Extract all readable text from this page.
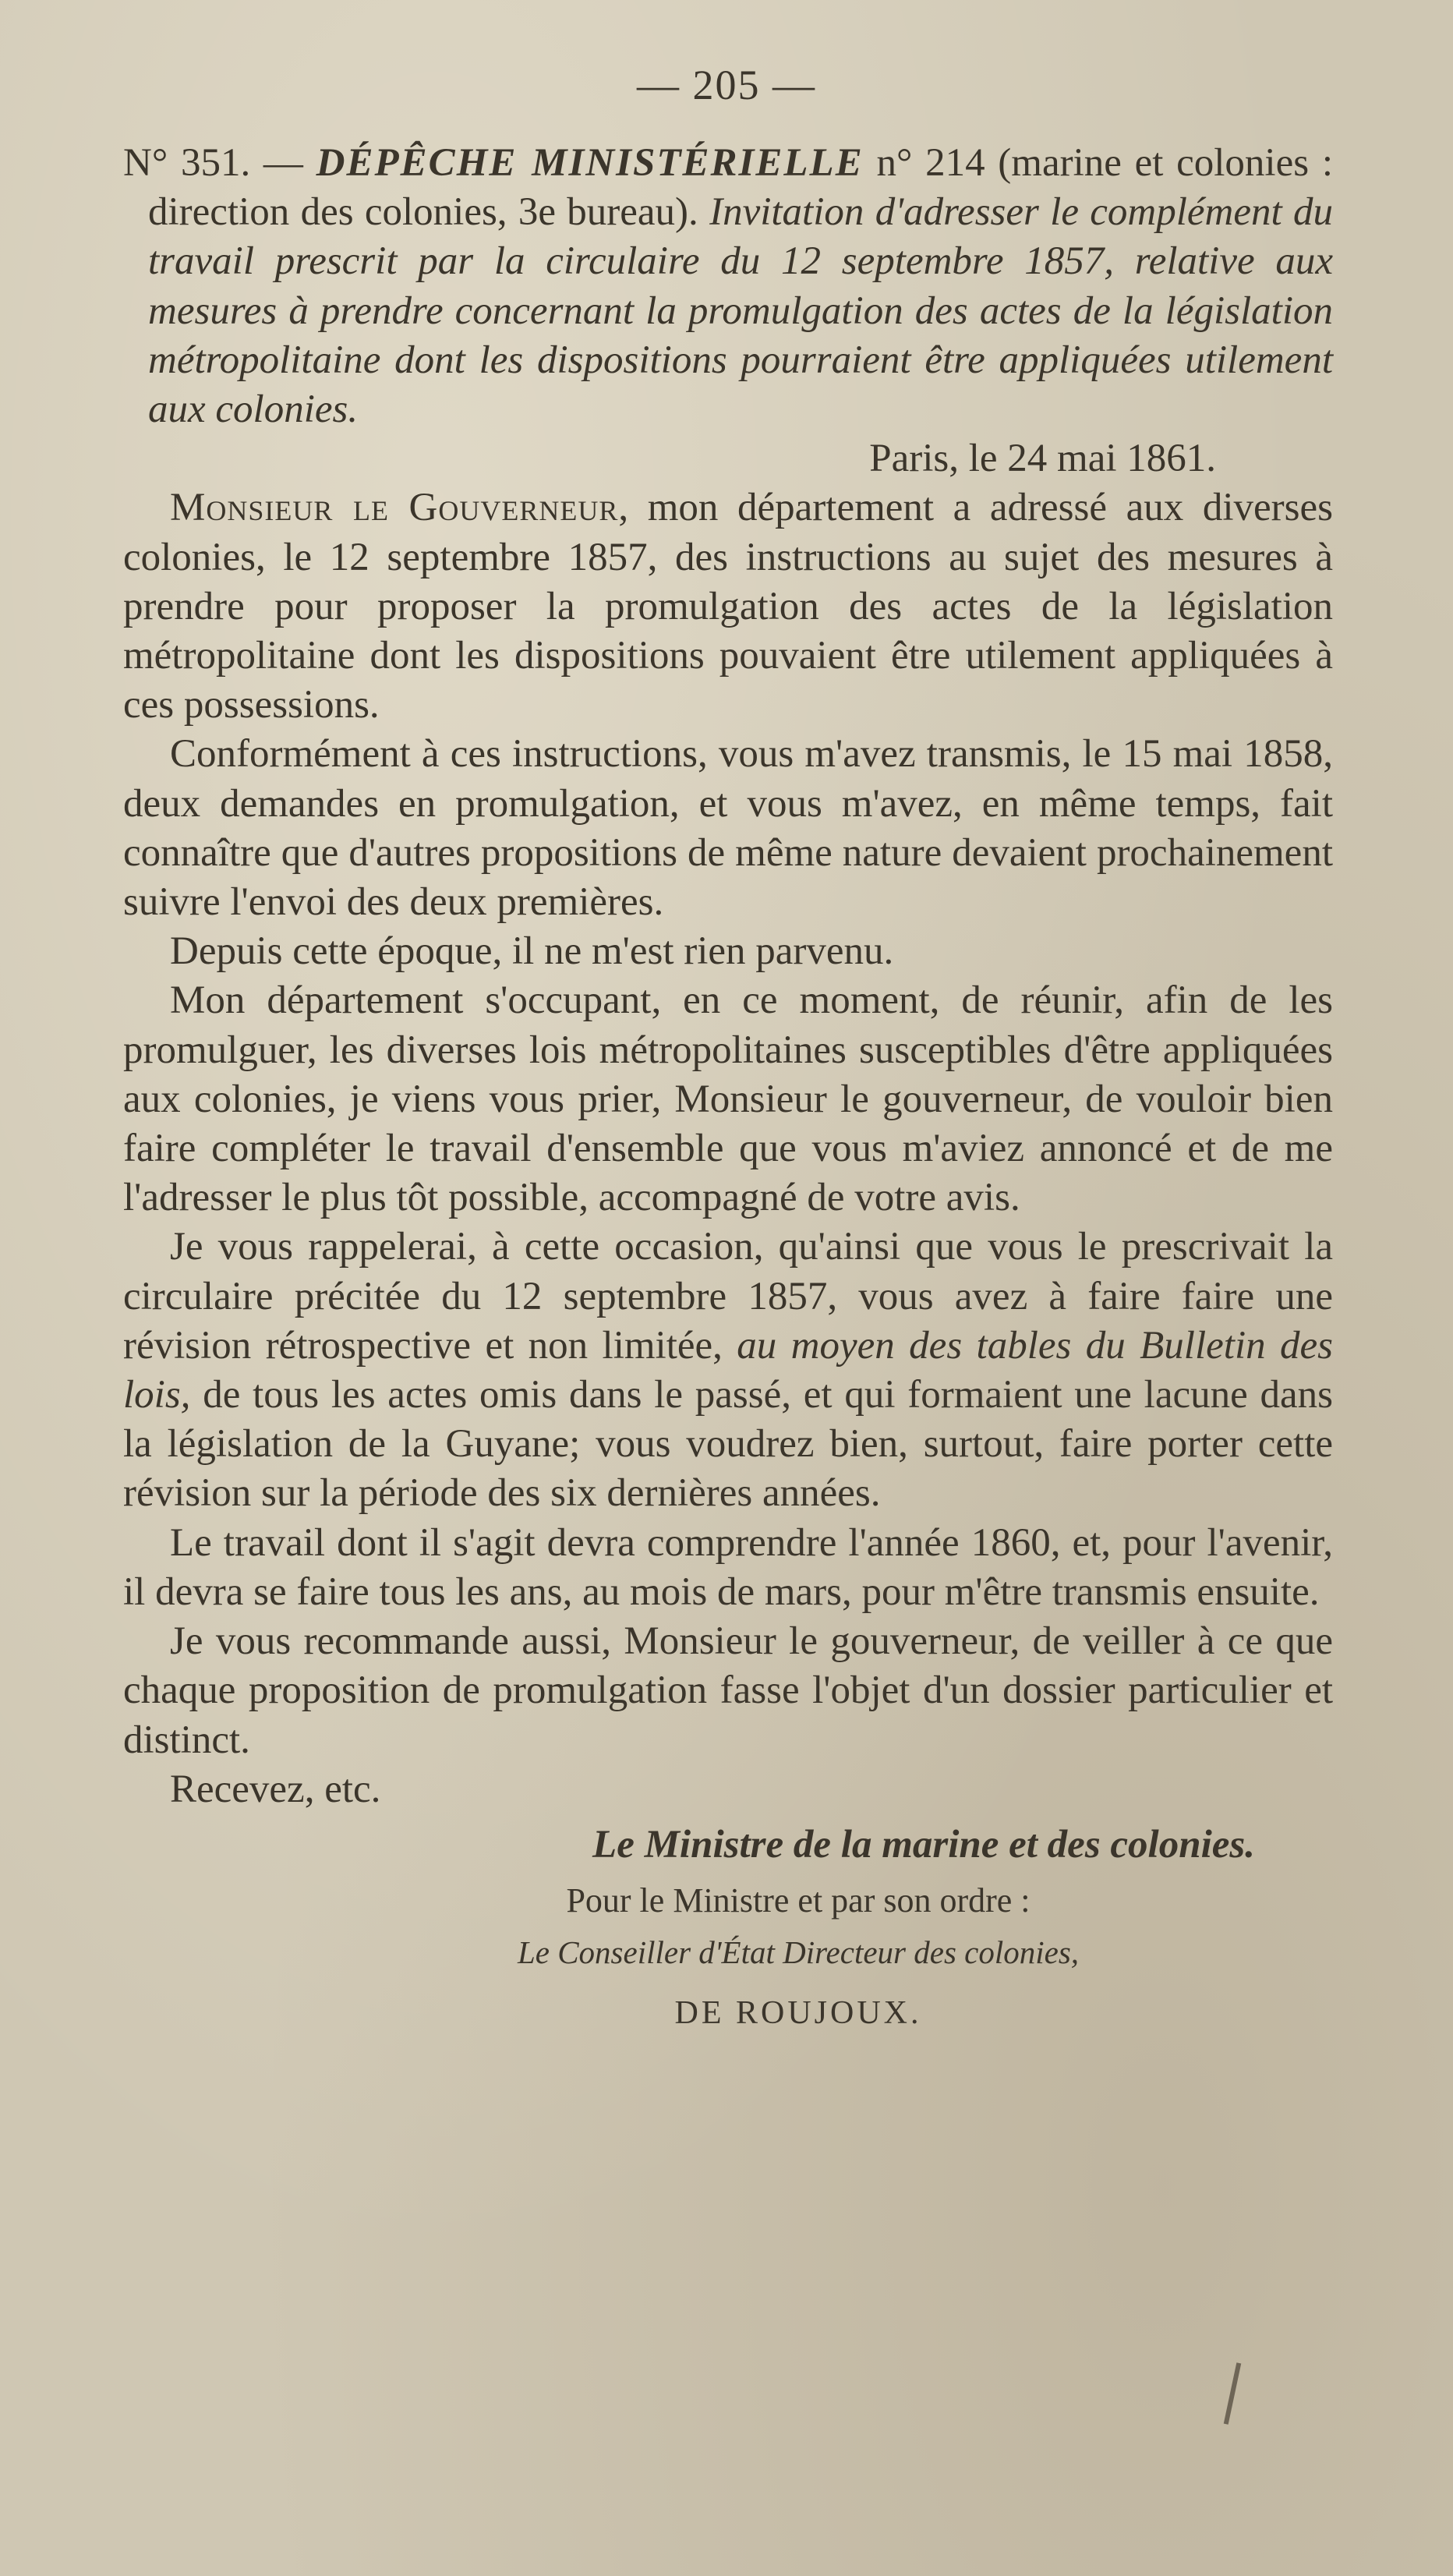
— 205 —

N° 351. — DÉPÊCHE MINISTÉRIELLE n° 214 (marine et colonies : direction des colonies, 3e bureau). Invitation d'adresser le complément du travail prescrit par la circulaire du 12 septembre 1857, relative aux mesures à prendre concernant la promulgation des actes de la législation métropolitaine dont les dispositions pourraient être appliquées utilement aux colonies.

Paris, le 24 mai 1861.

Monsieur le Gouverneur, mon département a adressé aux diverses colonies, le 12 septembre 1857, des instructions au sujet des mesures à prendre pour proposer la promulgation des actes de la législation métropolitaine dont les dispositions pouvaient être utilement appliquées à ces possessions.

Conformément à ces instructions, vous m'avez transmis, le 15 mai 1858, deux demandes en promulgation, et vous m'avez, en même temps, fait connaître que d'autres propositions de même nature devaient prochainement suivre l'envoi des deux premières.

Depuis cette époque, il ne m'est rien parvenu.

Mon département s'occupant, en ce moment, de réunir, afin de les promulguer, les diverses lois métropolitaines susceptibles d'être appliquées aux colonies, je viens vous prier, Monsieur le gouverneur, de vouloir bien faire compléter le travail d'ensemble que vous m'aviez annoncé et de me l'adresser le plus tôt possible, accompagné de votre avis.

Je vous rappelerai, à cette occasion, qu'ainsi que vous le prescrivait la circulaire précitée du 12 septembre 1857, vous avez à faire faire une révision rétrospective et non limitée, au moyen des tables du Bulletin des lois, de tous les actes omis dans le passé, et qui formaient une lacune dans la législation de la Guyane; vous voudrez bien, surtout, faire porter cette révision sur la période des six dernières années.

Le travail dont il s'agit devra comprendre l'année 1860, et, pour l'avenir, il devra se faire tous les ans, au mois de mars, pour m'être transmis ensuite.

Je vous recommande aussi, Monsieur le gouverneur, de veiller à ce que chaque proposition de promulgation fasse l'objet d'un dossier particulier et distinct.

Recevez, etc.

Le Ministre de la marine et des colonies.

Pour le Ministre et par son ordre :

Le Conseiller d'État Directeur des colonies,

DE ROUJOUX.
